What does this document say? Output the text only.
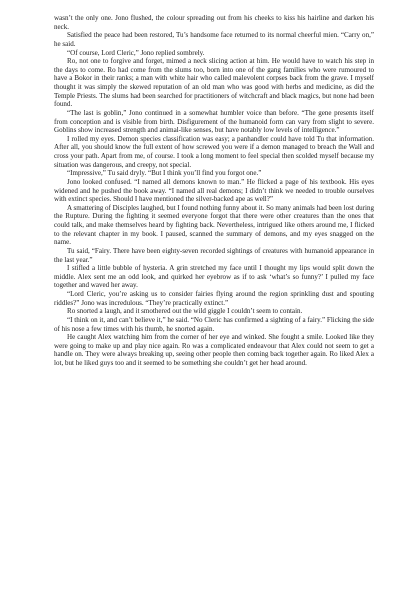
wasn’t the only one. Jono flushed, the colour spreading out from his cheeks to kiss his hairline and darken his neck.

Satisfied the peace had been restored, Tu’s handsome face returned to its normal cheerful mien. “Carry on,” he said.

“Of course, Lord Cleric,” Jono replied sombrely.

Ro, not one to forgive and forget, mimed a neck slicing action at him. He would have to watch his step in the days to come. Ro had come from the slums too, born into one of the gang families who were rumoured to have a Bokor in their ranks; a man with white hair who called malevolent corpses back from the grave. I myself thought it was simply the skewed reputation of an old man who was good with herbs and medicine, as did the Temple Priests. The slums had been searched for practitioners of witchcraft and black magics, but none had been found.

“The last is goblin,” Jono continued in a somewhat humbler voice than before. “The gene presents itself from conception and is visible from birth. Disfigurement of the humanoid form can vary from slight to severe. Goblins show increased strength and animal-like senses, but have notably low levels of intelligence.”

I rolled my eyes. Demon species classification was easy; a panhandler could have told Tu that information. After all, you should know the full extent of how screwed you were if a demon managed to breach the Wall and cross your path. Apart from me, of course. I took a long moment to feel special then scolded myself because my situation was dangerous, and creepy, not special.

“Impressive,” Tu said dryly. “But I think you’ll find you forgot one.”

Jono looked confused. “I named all demons known to man.” He flicked a page of his textbook. His eyes widened and he pushed the book away. “I named all real demons; I didn’t think we needed to trouble ourselves with extinct species. Should I have mentioned the silver-backed ape as well?”

A smattering of Disciples laughed, but I found nothing funny about it. So many animals had been lost during the Rupture. During the fighting it seemed everyone forgot that there were other creatures than the ones that could talk, and make themselves heard by fighting back. Nevertheless, intrigued like others around me, I flicked to the relevant chapter in my book. I paused, scanned the summary of demons, and my eyes snagged on the name.

Tu said, “Fairy. There have been eighty-seven recorded sightings of creatures with humanoid appearance in the last year.”

I stifled a little bubble of hysteria. A grin stretched my face until I thought my lips would split down the middle. Alex sent me an odd look, and quirked her eyebrow as if to ask ‘what’s so funny?’ I pulled my face together and waved her away.

“Lord Cleric, you’re asking us to consider fairies flying around the region sprinkling dust and spouting riddles?” Jono was incredulous. “They’re practically extinct.”

Ro snorted a laugh, and it smothered out the wild giggle I couldn’t seem to contain.

“I think on it, and can’t believe it,” he said. “No Cleric has confirmed a sighting of a fairy.” Flicking the side of his nose a few times with his thumb, he snorted again.

He caught Alex watching him from the corner of her eye and winked. She fought a smile. Looked like they were going to make up and play nice again. Ro was a complicated endeavour that Alex could not seem to get a handle on. They were always breaking up, seeing other people then coming back together again. Ro liked Alex a lot, but he liked guys too and it seemed to be something she couldn’t get her head around.
